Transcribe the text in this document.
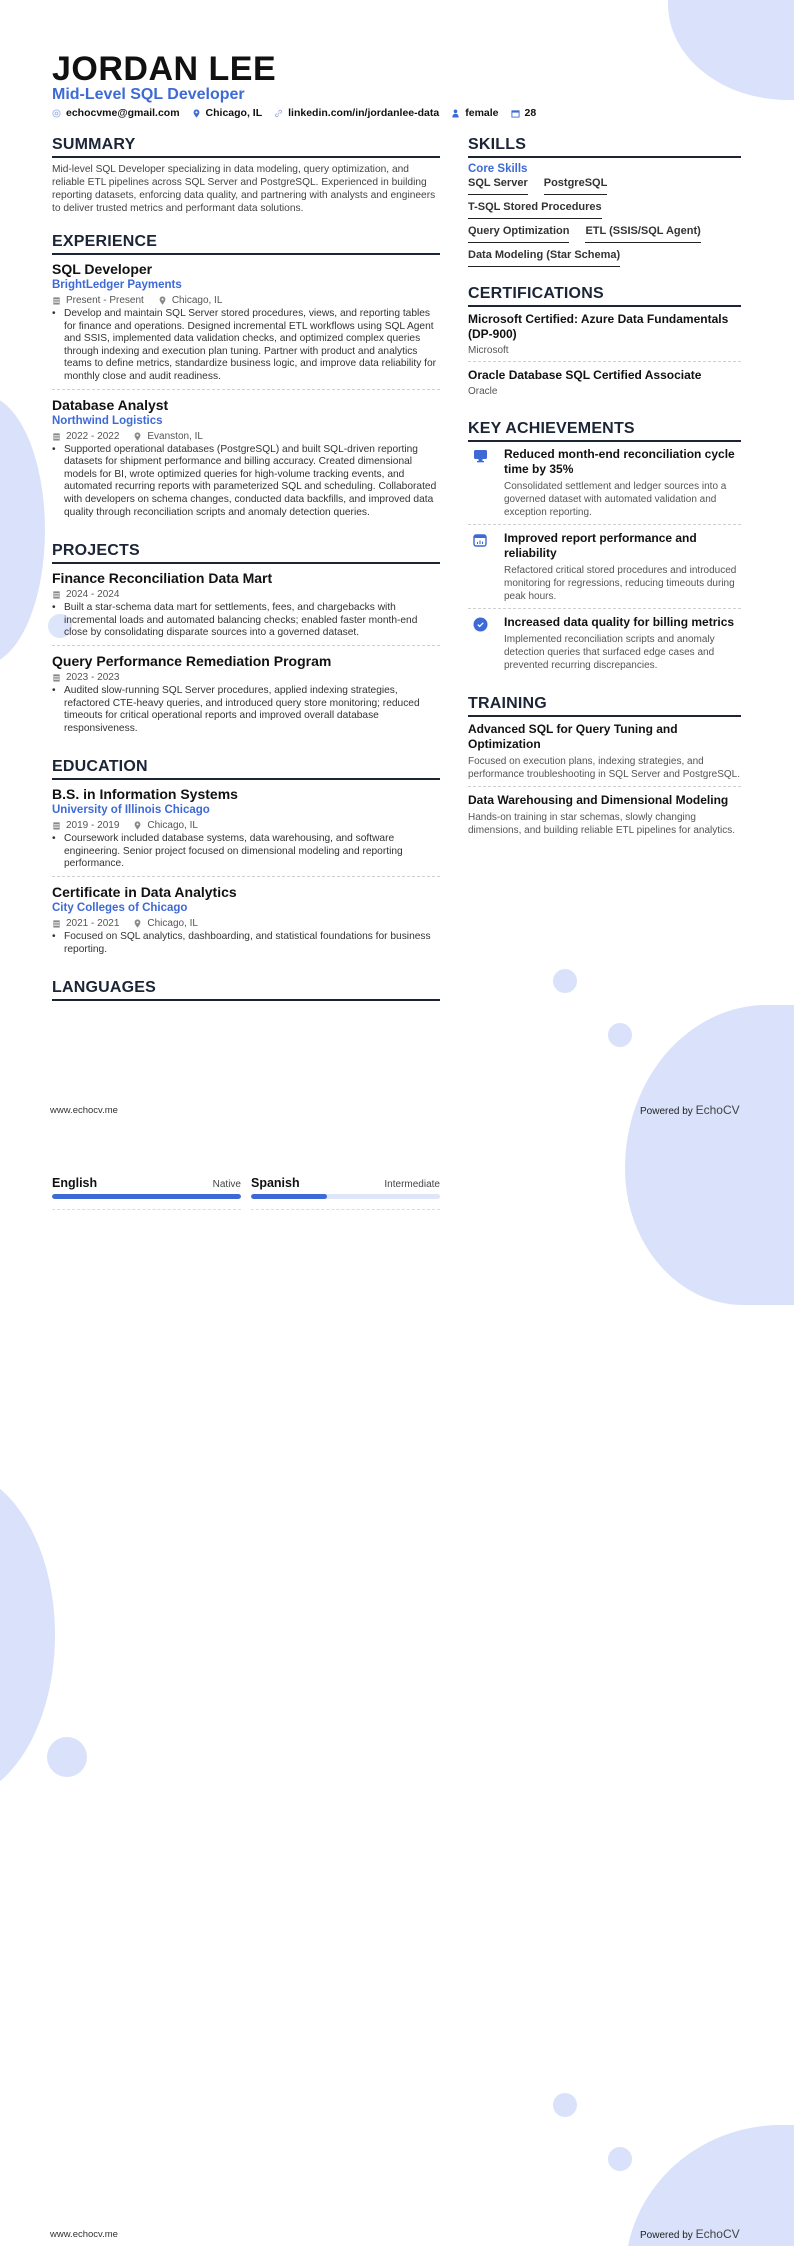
JORDAN LEE
Mid-Level SQL Developer
echocvme@gmail.com Chicago, IL linkedin.com/in/jordanlee-data female 28
SUMMARY
Mid-level SQL Developer specializing in data modeling, query optimization, and reliable ETL pipelines across SQL Server and PostgreSQL. Experienced in building reporting datasets, enforcing data quality, and partnering with analysts and engineers to deliver trusted metrics and performant data solutions.
EXPERIENCE
SQL Developer
BrightLedger Payments
Present - Present	Chicago, IL
• Develop and maintain SQL Server stored procedures, views, and reporting tables for finance and operations. Designed incremental ETL workflows using SQL Agent and SSIS, implemented data validation checks, and optimized complex queries through indexing and execution plan tuning. Partner with product and analytics teams to define metrics, standardize business logic, and improve data reliability for monthly close and audit readiness.
Database Analyst
Northwind Logistics
2022 - 2022	Evanston, IL
• Supported operational databases (PostgreSQL) and built SQL-driven reporting datasets for shipment performance and billing accuracy. Created dimensional models for BI, wrote optimized queries for high-volume tracking events, and automated recurring reports with parameterized SQL and scheduling. Collaborated with developers on schema changes, conducted data backfills, and improved data quality through reconciliation scripts and anomaly detection queries.
PROJECTS
Finance Reconciliation Data Mart
2024 - 2024
• Built a star-schema data mart for settlements, fees, and chargebacks with incremental loads and automated balancing checks; enabled faster month-end close by consolidating disparate sources into a governed dataset.
Query Performance Remediation Program
2023 - 2023
• Audited slow-running SQL Server procedures, applied indexing strategies, refactored CTE-heavy queries, and introduced query store monitoring; reduced timeouts for critical operational reports and improved overall database responsiveness.
EDUCATION
B.S. in Information Systems
University of Illinois Chicago
2019 - 2019	Chicago, IL
• Coursework included database systems, data warehousing, and software engineering. Senior project focused on dimensional modeling and reporting performance.
Certificate in Data Analytics
City Colleges of Chicago
2021 - 2021	Chicago, IL
• Focused on SQL analytics, dashboarding, and statistical foundations for business reporting.
LANGUAGES
SKILLS
Core Skills
SQL Server PostgreSQL
T-SQL Stored Procedures
Query Optimization ETL (SSIS/SQL Agent)
Data Modeling (Star Schema)
CERTIFICATIONS
Microsoft Certified: Azure Data Fundamentals (DP-900)
Microsoft
Oracle Database SQL Certified Associate
Oracle
KEY ACHIEVEMENTS
Reduced month-end reconciliation cycle time by 35%
Consolidated settlement and ledger sources into a governed dataset with automated validation and exception reporting.
Improved report performance and reliability
Refactored critical stored procedures and introduced monitoring for regressions, reducing timeouts during peak hours.
Increased data quality for billing metrics
Implemented reconciliation scripts and anomaly detection queries that surfaced edge cases and prevented recurring discrepancies.
TRAINING
Advanced SQL for Query Tuning and Optimization
Focused on execution plans, indexing strategies, and performance troubleshooting in SQL Server and PostgreSQL.
Data Warehousing and Dimensional Modeling
Hands-on training in star schemas, slowly changing dimensions, and building reliable ETL pipelines for analytics.
www.echocv.me	Powered by EchoCV
English	Native Spanish	Intermediate
www.echocv.me	Powered by EchoCV
